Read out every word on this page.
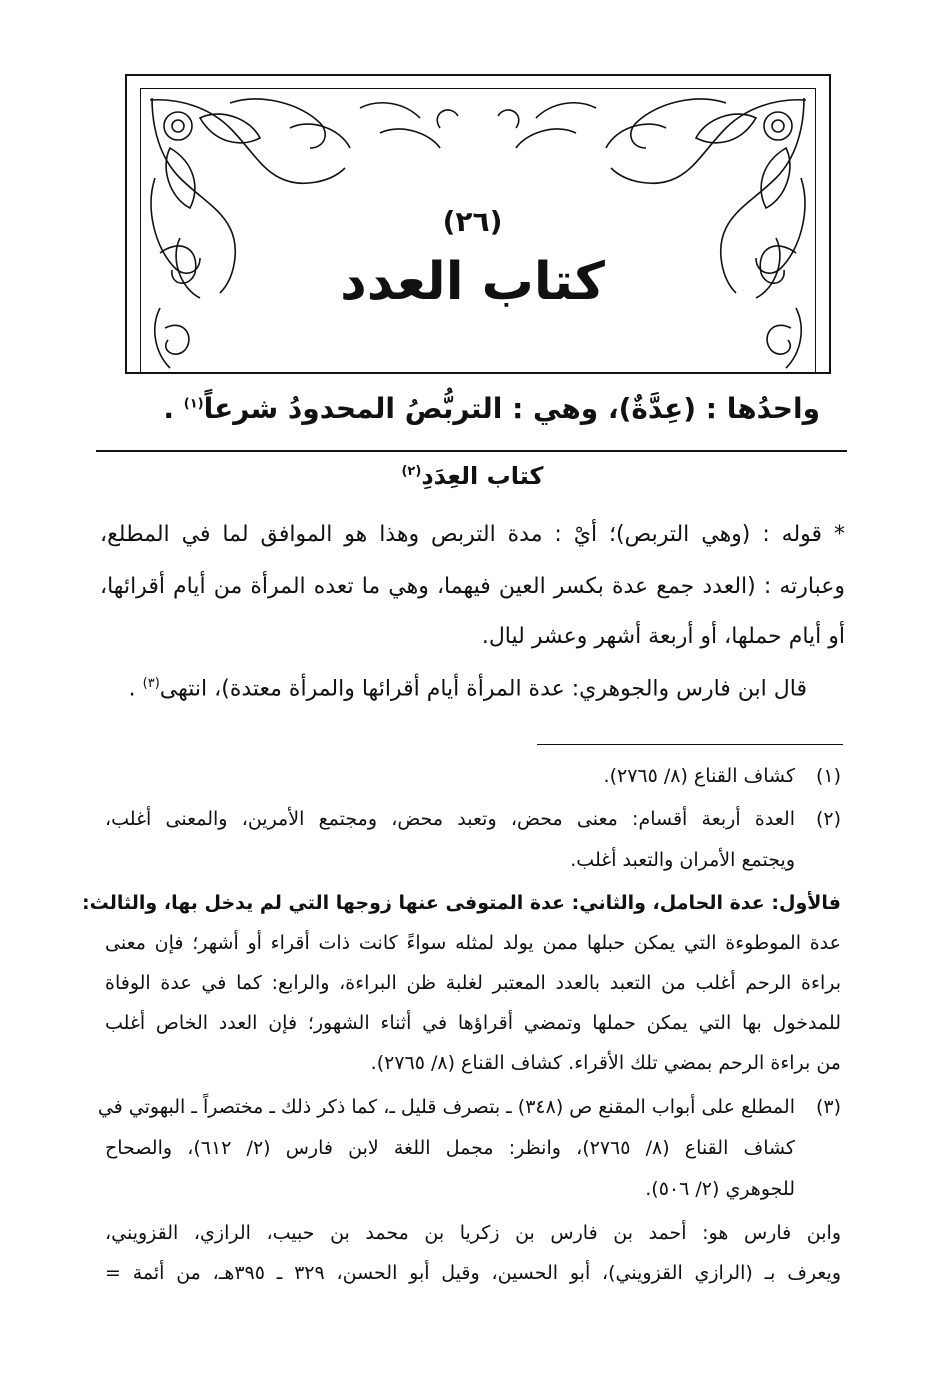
(٢٦)
كتاب العدد
واحدُها : (عِدَّةٌ)، وهي : التربُّصُ المحدودُ شرعاً$^{(١)}$ .
كتاب العِدَدِ$^{(٢)}$
* قوله : (وهي التربص)؛ أيْ : مدة التربص وهذا هو الموافق لما في المطلع،
وعبارته : (العدد جمع عدة بكسر العين فيهما، وهي ما تعده المرأة من أيام أقرائها،
أو أيام حملها، أو أربعة أشهر وعشر ليال.
قال ابن فارس والجوهري: عدة المرأة أيام أقرائها والمرأة معتدة)، انتهى$^{(٣)}$ .
(١)
كشاف القناع (٨/ ٢٧٦٥).
(٢)
العدة أربعة أقسام: معنى محض، وتعبد محض، ومجتمع الأمرين، والمعنى أغلب،
ويجتمع الأمران والتعبد أغلب.
فالأول: عدة الحامل، والثاني: عدة المتوفى عنها زوجها التي لم يدخل بها، والثالث:
عدة الموطوءة التي يمكن حبلها ممن يولد لمثله سواءً كانت ذات أقراء أو أشهر؛ فإن معنى
براءة الرحم أغلب من التعبد بالعدد المعتبر لغلبة ظن البراءة، والرابع: كما في عدة الوفاة
للمدخول بها التي يمكن حملها وتمضي أقراؤها في أثناء الشهور؛ فإن العدد الخاص أغلب
من براءة الرحم بمضي تلك الأقراء. كشاف القناع (٨/ ٢٧٦٥).
(٣)
المطلع على أبواب المقنع ص (٣٤٨) ـ بتصرف قليل ـ، كما ذكر ذلك ـ مختصراً ـ البهوتي في
كشاف القناع (٨/ ٢٧٦٥)، وانظر: مجمل اللغة لابن فارس (٢/ ٦١٢)، والصحاح
للجوهري (٢/ ٥٠٦).
وابن فارس هو: أحمد بن فارس بن زكريا بن محمد بن حبيب، الرازي، القزويني،
ويعرف بـ (الرازي القزويني)، أبو الحسين، وقيل أبو الحسن، ٣٢٩ ـ ٣٩٥هـ، من أئمة =
